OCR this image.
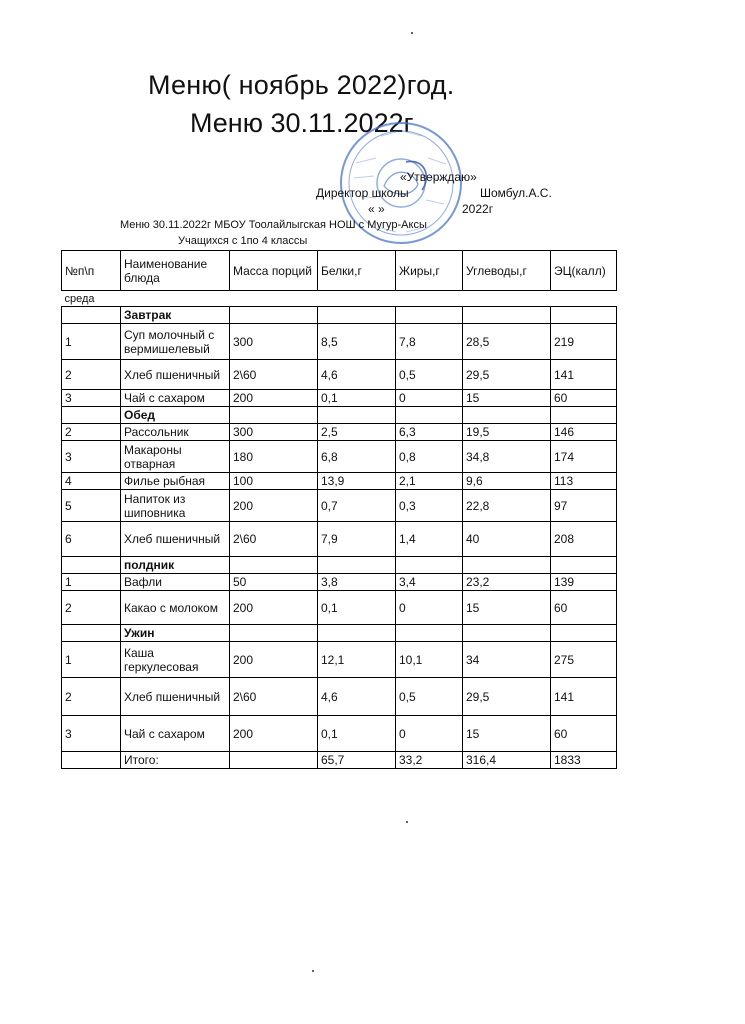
Меню( ноябрь 2022)год.
Меню 30.11.2022г
«Утверждаю»
Директор школы	Шомбул.А.С.
« »	2022г
Меню 30.11.2022г МБОУ Тоолайлыгская НОШ с Мугур-Аксы
Учащихся с 1по 4 классы
№п\п	Наименование блюда	Масса порций	Белки,г	Жиры,г	Углеводы,г	ЭЦ(калл)
среда						
	Завтрак					
1	Суп молочный с вермишелевый	300	8,5	7,8	28,5	219
2	Хлеб пшеничный	2\60	4,6	0,5	29,5	141
3	Чай с сахаром	200	0,1	0	15	60
	Обед					
2	Рассольник	300	2,5	6,3	19,5	146
3	Макароны отварная	180	6,8	0,8	34,8	174
4	Филье рыбная	100	13,9	2,1	9,6	113
5	Напиток из шиповника	200	0,7	0,3	22,8	97
6	Хлеб пшеничный	2\60	7,9	1,4	40	208
	полдник					
1	Вафли	50	3,8	3,4	23,2	139
2	Какао с молоком	200	0,1	0	15	60
	Ужин					
1	Каша геркулесовая	200	12,1	10,1	34	275
2	Хлеб пшеничный	2\60	4,6	0,5	29,5	141
3	Чай с сахаром	200	0,1	0	15	60
	Итого:		65,7	33,2	316,4	1833
